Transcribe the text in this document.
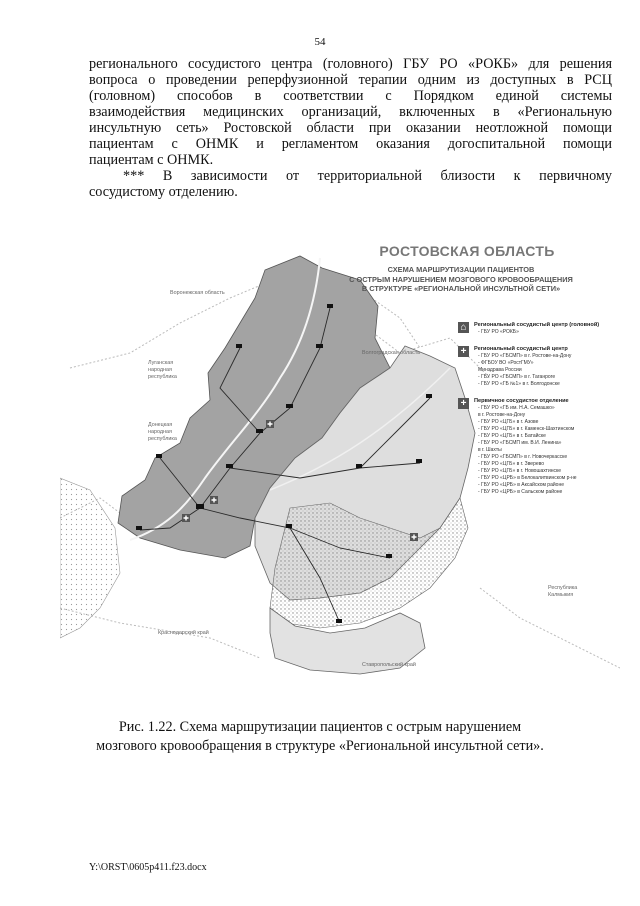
54
регионального сосудистого центра (головного) ГБУ РО «РОКБ» для решения
вопроса о проведении реперфузионной терапии одним из доступных в РСЦ
(головном) способов в соответствии с Порядком единой системы
взаимодействия медицинских организаций, включенных в «Региональную
инсультную сеть» Ростовской области при оказании неотложной помощи
пациентам с ОНМК и регламентом оказания догоспитальной помощи
пациентам с ОНМК.
*** В зависимости от территориальной близости к первичному
сосудистому отделению.
РОСТОВСКАЯ ОБЛАСТЬ
СХЕМА МАРШРУТИЗАЦИИ ПАЦИЕНТОВ
С ОСТРЫМ НАРУШЕНИЕМ МОЗГОВОГО КРОВООБРАЩЕНИЯ
В СТРУКТУРЕ «РЕГИОНАЛЬНОЙ ИНСУЛЬТНОЙ СЕТИ»
Воронежская область
Волгоградская область
Луганская народная республика
Донецкая народная республика
Краснодарский край
Ставропольский край
Республика Калмыкия
⌂	Региональный сосудистый центр (головной)
- ГБУ РО «РОКБ»
+	Региональный сосудистый центр
- ГБУ РО «ГБСМП» в г. Ростове-на-Дону
- ФГБОУ ВО «РостГМУ»
Минздрава России
- ГБУ РО «ГБСМП» в г. Таганроге
- ГБУ РО «ГБ №1» в г. Волгодонске
+	Первичное сосудистое отделение
- ГБУ РО «ГБ им. Н.А. Семашко»
в г. Ростове-на-Дону
- ГБУ РО «ЦГБ» в г. Азове
- ГБУ РО «ЦГБ» в г. Каменск-Шахтинском
- ГБУ РО «ЦГБ» в г. Батайске
- ГБУ РО «ГБСМП им. В.И. Ленина»
в г. Шахты
- ГБУ РО «ГБСМП» в г. Новочеркасске
- ГБУ РО «ЦГБ» в г. Зверево
- ГБУ РО «ЦГБ» в г. Новошахтинске
- ГБУ РО «ЦРБ» в Белокалитвинском р-не
- ГБУ РО «ЦРБ» в Аксайском районе
- ГБУ РО «ЦРБ» в Сальском районе
Рис. 1.22. Схема маршрутизации пациентов с острым нарушением
мозгового кровообращения в структуре «Региональной инсультной сети».
Y:\ORST\0605p411.f23.docx
